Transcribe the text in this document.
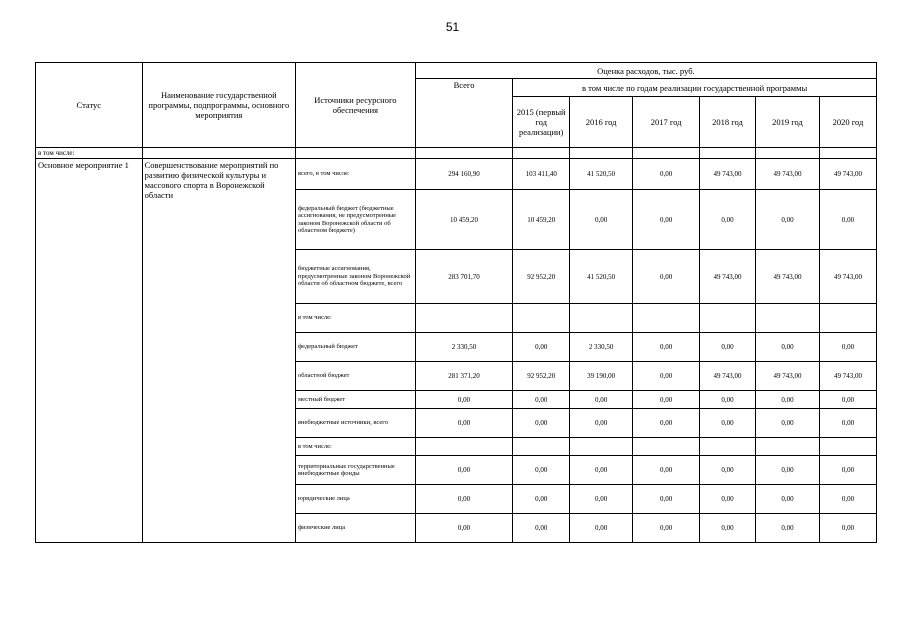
51
Статус	Наименование государственной программы, подпрограммы, основного мероприятия	Источники ресурсного обеспечения	Оценка расходов, тыс. руб.						
			Всего	в том числе по годам реализации государственной программы					
				2015 (первый год реализации)	2016 год	2017 год	2018 год	2019 год	2020 год
в том числе:									
Основное мероприятие 1	Совершенствование мероприятий по развитию физической культуры и массового спорта в Воронежской области	всего, в том числе:	294 160,90	103 411,40	41 520,50	0,00	49 743,00	49 743,00	49 743,00
		федеральный бюджет (бюджетные ассигнования, не предусмотренные законом Воронежской области об областном бюджете)	10 459,20	10 459,20	0,00	0,00	0,00	0,00	0,00
		бюджетные ассигнования, предусмотренные законом Воронежской области об областном бюджете, всего	283 701,70	92 952,20	41 520,50	0,00	49 743,00	49 743,00	49 743,00
		в том числе:							
		федеральный бюджет	2 330,50	0,00	2 330,50	0,00	0,00	0,00	0,00
		областной бюджет	281 371,20	92 952,20	39 190,00	0,00	49 743,00	49 743,00	49 743,00
		местный бюджет	0,00	0,00	0,00	0,00	0,00	0,00	0,00
		внебюджетные источники, всего	0,00	0,00	0,00	0,00	0,00	0,00	0,00
		в том числе:							
		территориальные государственные внебюджетные фонды	0,00	0,00	0,00	0,00	0,00	0,00	0,00
		юридические лица	0,00	0,00	0,00	0,00	0,00	0,00	0,00
		физические лица	0,00	0,00	0,00	0,00	0,00	0,00	0,00
